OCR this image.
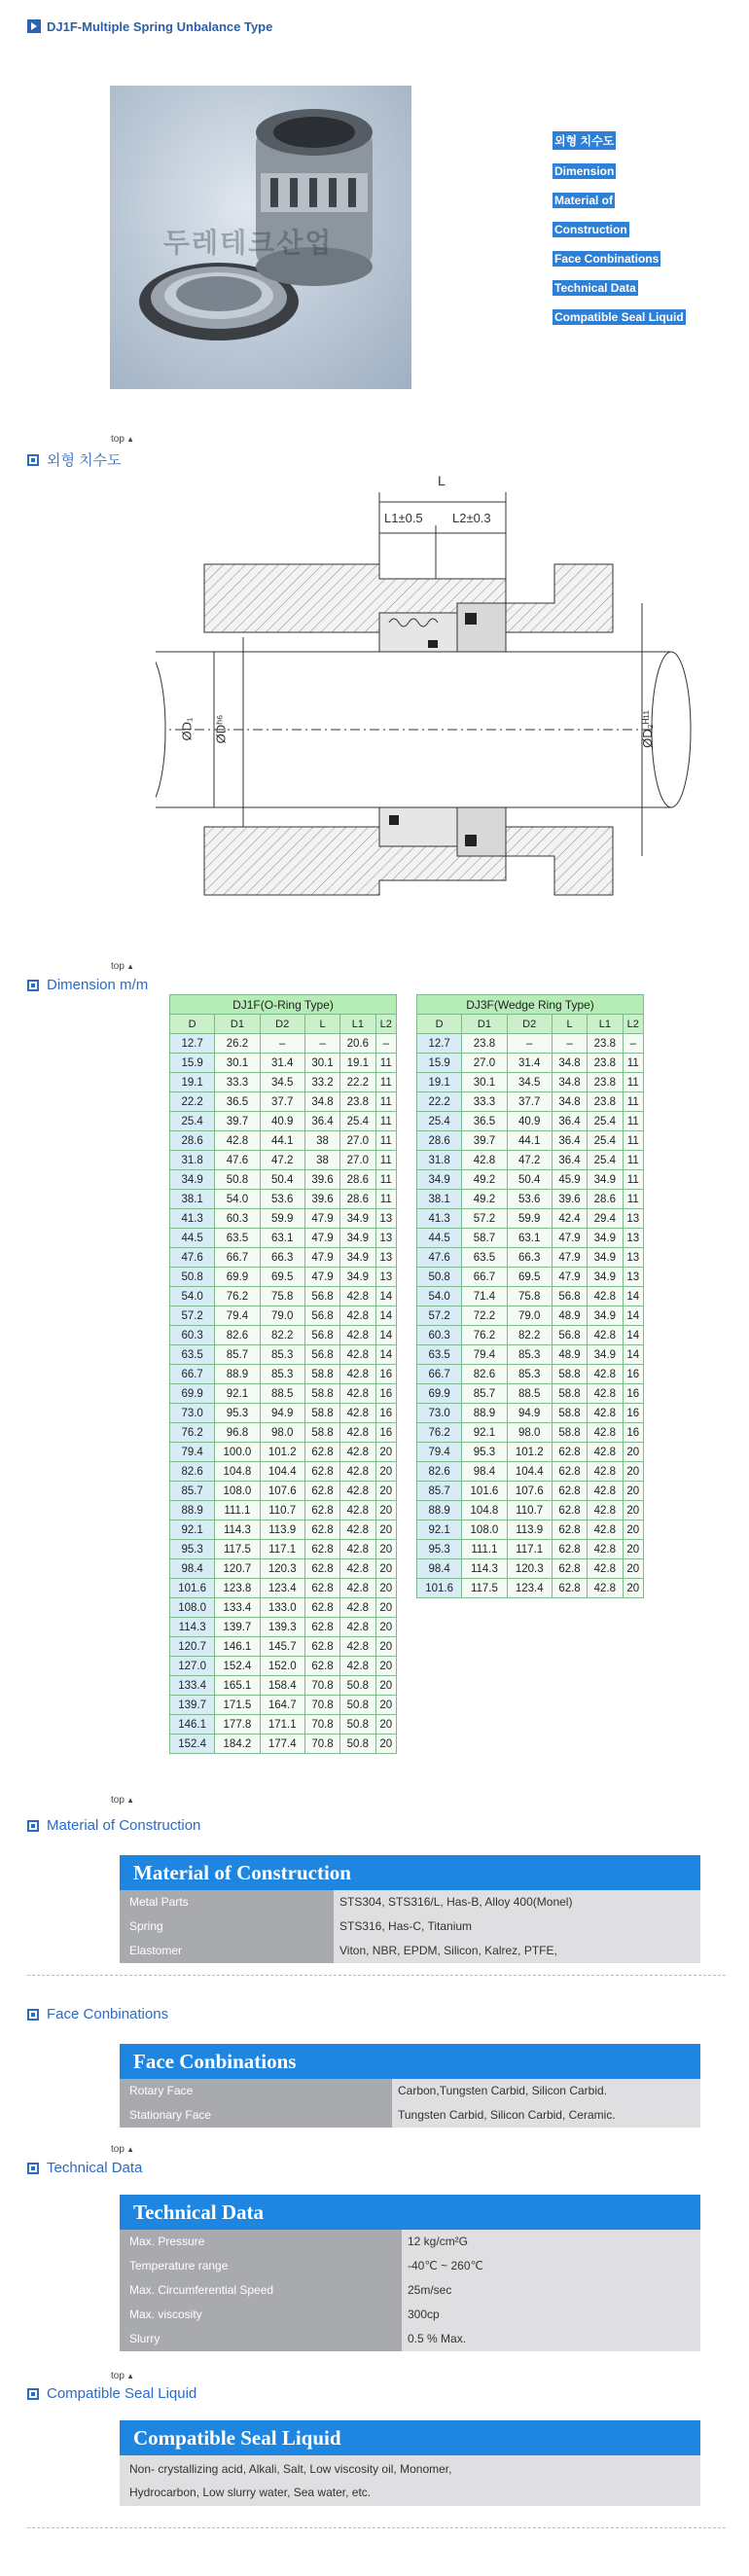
DJ1F-Multiple Spring Unbalance Type
두레테크산업
외형 치수도
Dimension
Material of
Construction
Face Conbinations
Technical Data
Compatible Seal Liquid
top ▲
외형 치수도
L
L1±0.5 L2±0.3
ØD₁ ØDʰ⁶	ØD₂ᴴ¹¹
top ▲
Dimension m/m
DJ1F(O-Ring Type)					
D	D1	D2	L	L1	L2
12.7	26.2	–	–	20.6	–
15.9	30.1	31.4	30.1	19.1	11
19.1	33.3	34.5	33.2	22.2	11
22.2	36.5	37.7	34.8	23.8	11
25.4	39.7	40.9	36.4	25.4	11
28.6	42.8	44.1	38	27.0	11
31.8	47.6	47.2	38	27.0	11
34.9	50.8	50.4	39.6	28.6	11
38.1	54.0	53.6	39.6	28.6	11
41.3	60.3	59.9	47.9	34.9	13
44.5	63.5	63.1	47.9	34.9	13
47.6	66.7	66.3	47.9	34.9	13
50.8	69.9	69.5	47.9	34.9	13
54.0	76.2	75.8	56.8	42.8	14
57.2	79.4	79.0	56.8	42.8	14
60.3	82.6	82.2	56.8	42.8	14
63.5	85.7	85.3	56.8	42.8	14
66.7	88.9	85.3	58.8	42.8	16
69.9	92.1	88.5	58.8	42.8	16
73.0	95.3	94.9	58.8	42.8	16
76.2	96.8	98.0	58.8	42.8	16
79.4	100.0	101.2	62.8	42.8	20
82.6	104.8	104.4	62.8	42.8	20
85.7	108.0	107.6	62.8	42.8	20
88.9	111.1	110.7	62.8	42.8	20
92.1	114.3	113.9	62.8	42.8	20
95.3	117.5	117.1	62.8	42.8	20
98.4	120.7	120.3	62.8	42.8	20
101.6	123.8	123.4	62.8	42.8	20
108.0	133.4	133.0	62.8	42.8	20
114.3	139.7	139.3	62.8	42.8	20
120.7	146.1	145.7	62.8	42.8	20
127.0	152.4	152.0	62.8	42.8	20
133.4	165.1	158.4	70.8	50.8	20
139.7	171.5	164.7	70.8	50.8	20
146.1	177.8	171.1	70.8	50.8	20
152.4	184.2	177.4	70.8	50.8	20
DJ3F(Wedge Ring Type)					
D	D1	D2	L	L1	L2
12.7	23.8	–	–	23.8	–
15.9	27.0	31.4	34.8	23.8	11
19.1	30.1	34.5	34.8	23.8	11
22.2	33.3	37.7	34.8	23.8	11
25.4	36.5	40.9	36.4	25.4	11
28.6	39.7	44.1	36.4	25.4	11
31.8	42.8	47.2	36.4	25.4	11
34.9	49.2	50.4	45.9	34.9	11
38.1	49.2	53.6	39.6	28.6	11
41.3	57.2	59.9	42.4	29.4	13
44.5	58.7	63.1	47.9	34.9	13
47.6	63.5	66.3	47.9	34.9	13
50.8	66.7	69.5	47.9	34.9	13
54.0	71.4	75.8	56.8	42.8	14
57.2	72.2	79.0	48.9	34.9	14
60.3	76.2	82.2	56.8	42.8	14
63.5	79.4	85.3	48.9	34.9	14
66.7	82.6	85.3	58.8	42.8	16
69.9	85.7	88.5	58.8	42.8	16
73.0	88.9	94.9	58.8	42.8	16
76.2	92.1	98.0	58.8	42.8	16
79.4	95.3	101.2	62.8	42.8	20
82.6	98.4	104.4	62.8	42.8	20
85.7	101.6	107.6	62.8	42.8	20
88.9	104.8	110.7	62.8	42.8	20
92.1	108.0	113.9	62.8	42.8	20
95.3	111.1	117.1	62.8	42.8	20
98.4	114.3	120.3	62.8	42.8	20
101.6	117.5	123.4	62.8	42.8	20
top ▲
Material of Construction
Material of Construction
Metal Parts	STS304, STS316/L, Has-B, Alloy 400(Monel)
Spring	STS316, Has-C, Titanium
Elastomer	Viton, NBR, EPDM, Silicon, Kalrez, PTFE,
Face Conbinations
Face Conbinations
Rotary Face	Carbon,Tungsten Carbid, Silicon Carbid.
Stationary Face	Tungsten Carbid, Silicon Carbid, Ceramic.
top ▲
Technical Data
Technical Data
Max. Pressure	12 kg/cm²G
Temperature range	-40℃ ~ 260℃
Max. Circumferential Speed	25m/sec
Max. viscosity	300cp
Slurry	0.5 % Max.
top ▲
Compatible Seal Liquid
Compatible Seal Liquid
Non- crystallizing acid, Alkali, Salt, Low viscosity oil, Monomer,
Hydrocarbon, Low slurry water, Sea water, etc.
